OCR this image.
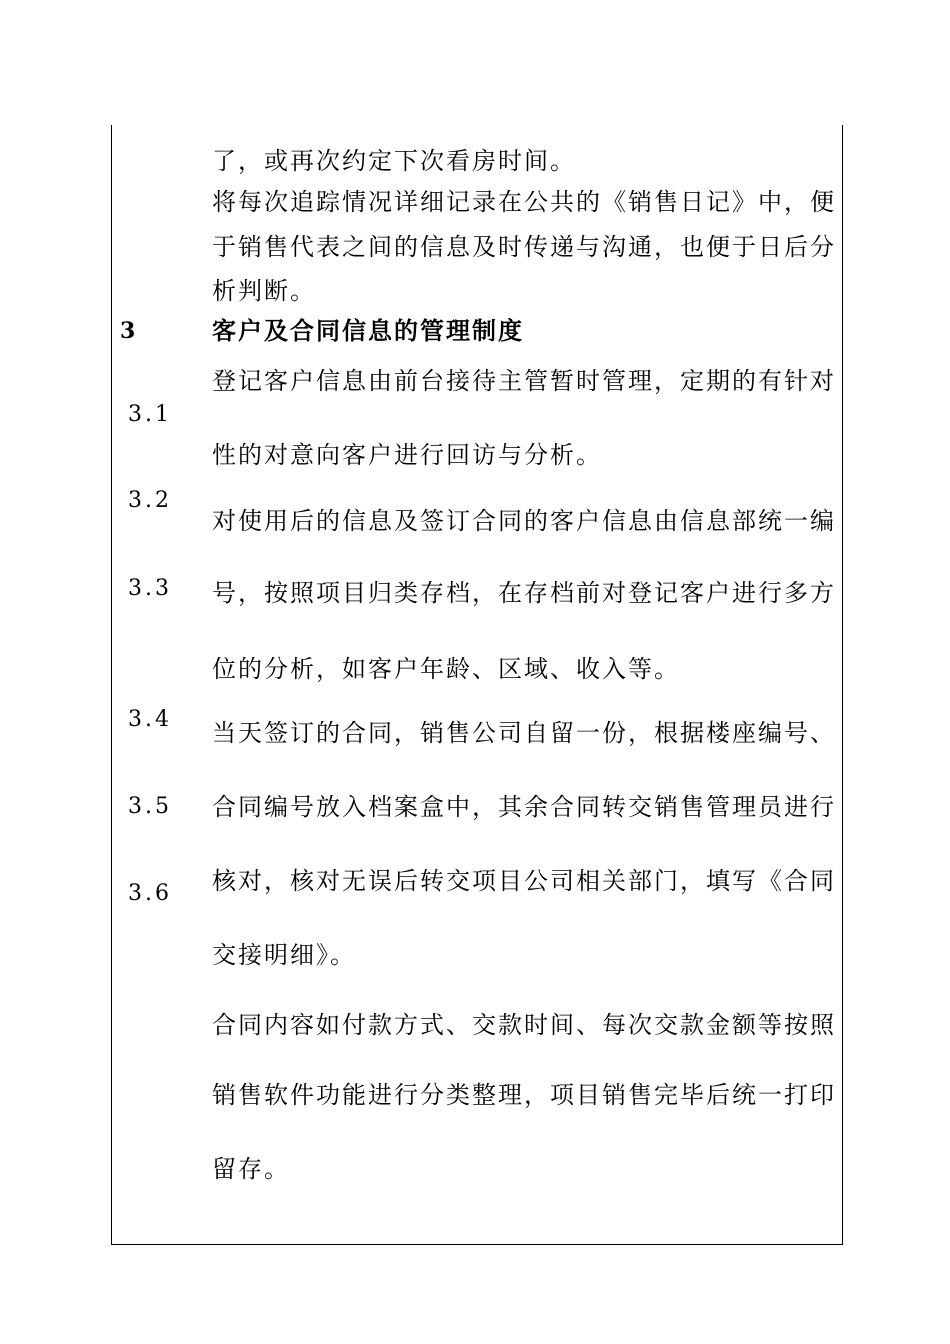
了，或再次约定下次看房时间。
将每次追踪情况详细记录在公共的《销售日记》中，便
于销售代表之间的信息及时传递与沟通，也便于日后分
析判断。
3	客户及合同信息的管理制度
3.1
3.2
3.3
3.4
3.5
3.6
登记客户信息由前台接待主管暂时管理，定期的有针对
性的对意向客户进行回访与分析。
对使用后的信息及签订合同的客户信息由信息部统一编
号，按照项目归类存档，在存档前对登记客户进行多方
位的分析，如客户年龄、区域、收入等。
当天签订的合同，销售公司自留一份，根据楼座编号、
合同编号放入档案盒中，其余合同转交销售管理员进行
核对，核对无误后转交项目公司相关部门，填写《合同
交接明细》。
合同内容如付款方式、交款时间、每次交款金额等按照
销售软件功能进行分类整理，项目销售完毕后统一打印
留存。
